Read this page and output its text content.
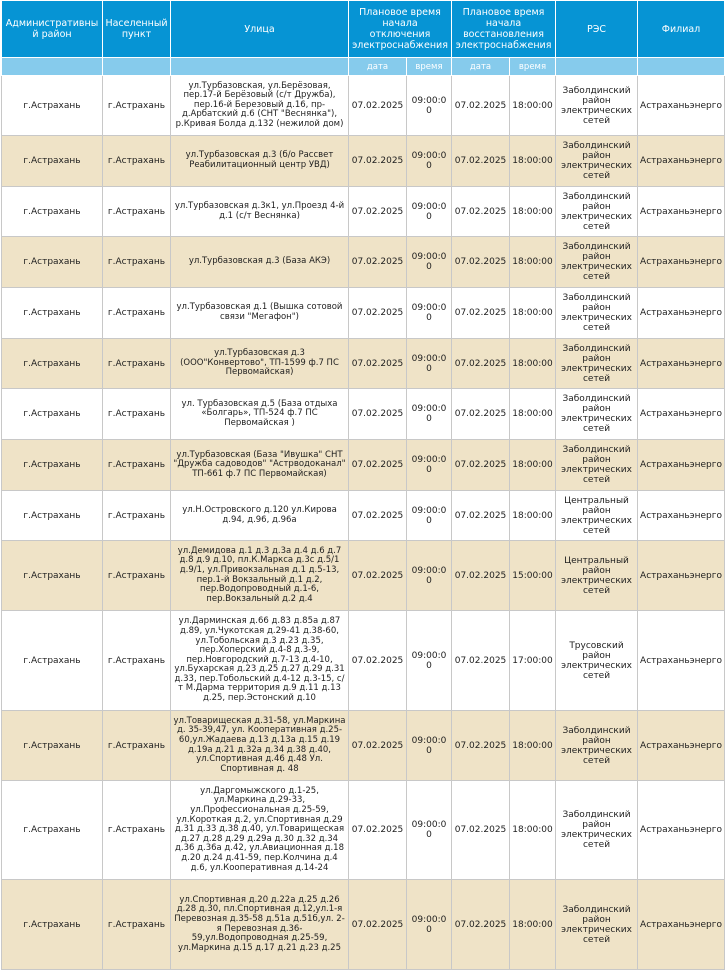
Административный район	Населенный пункт	Улица	Плановое время начала отключения электроснабжения		Плановое время начала восстановления электроснабжения		РЭС	Филиал
			дата	время	дата	время		
г.Астрахань	г.Астрахань	ул.Турбазовская, ул.Берёзовая, пер.17-й Берёзовый (с/т Дружба), пер.16-й Березовый д.16, пр-д.Арбатский д.6 (СНТ "Веснянка"), р.Кривая Болда д.132 (нежилой дом)	07.02.2025	09:00:00	07.02.2025	18:00:00	Заболдинский район электрических сетей	Астраханьэнерго
г.Астрахань	г.Астрахань	ул.Турбазовская д.3 (б/о Рассвет Реабилитационный центр УВД)	07.02.2025	09:00:00	07.02.2025	18:00:00	Заболдинский район электрических сетей	Астраханьэнерго
г.Астрахань	г.Астрахань	ул.Турбазовская д.3к1, ул.Проезд 4-й д.1 (с/т Веснянка)	07.02.2025	09:00:00	07.02.2025	18:00:00	Заболдинский район электрических сетей	Астраханьэнерго
г.Астрахань	г.Астрахань	ул.Турбазовская д.3 (База АКЭ)	07.02.2025	09:00:00	07.02.2025	18:00:00	Заболдинский район электрических сетей	Астраханьэнерго
г.Астрахань	г.Астрахань	ул.Турбазовская д.1 (Вышка сотовой связи "Мегафон")	07.02.2025	09:00:00	07.02.2025	18:00:00	Заболдинский район электрических сетей	Астраханьэнерго
г.Астрахань	г.Астрахань	ул.Турбазовская д.3 (ООО"Конвертово", ТП-1599 ф.7 ПС Первомайская)	07.02.2025	09:00:00	07.02.2025	18:00:00	Заболдинский район электрических сетей	Астраханьэнерго
г.Астрахань	г.Астрахань	ул. Турбазовская д.5 (База отдыха «Болгарь», ТП-524 ф.7 ПС Первомайская )	07.02.2025	09:00:00	07.02.2025	18:00:00	Заболдинский район электрических сетей	Астраханьэнерго
г.Астрахань	г.Астрахань	ул.Турбазовская (База "Ивушка" СНТ "Дружба садоводов" "Астрводоканал" ТП-661 ф.7 ПС Первомайская)	07.02.2025	09:00:00	07.02.2025	18:00:00	Заболдинский район электрических сетей	Астраханьэнерго
г.Астрахань	г.Астрахань	ул.Н.Островского д.120 ул.Кирова д.94, д.96, д.96а	07.02.2025	09:00:00	07.02.2025	18:00:00	Центральный район электрических сетей	Астраханьэнерго
г.Астрахань	г.Астрахань	ул.Демидова д.1 д.3 д.3а д.4 д.6 д.7 д.8 д.9 д.10, пл.К.Маркса д.3с д.5/1 д.9/1, ул.Привокзальная д.1 д.5-13, пер.1-й Вокзальный д.1 д.2, пер.Водопроводный д.1-6, пер.Вокзальный д.2 д.4	07.02.2025	09:00:00	07.02.2025	15:00:00	Центральный район электрических сетей	Астраханьэнерго
г.Астрахань	г.Астрахань	ул.Дарминская д.66 д.83 д.85а д.87 д.89, ул.Чукотская д.29-41 д.38-60, ул.Тобольская д.3 д.23 д.35, пер.Хоперский д.4-8 д.3-9, пер.Новгородский д.7-13 д.4-10, ул.Бухарская д.23 д.25 д.27 д.29 д.31 д.33, пер.Тобольский д.4-12 д.3-15, с/т М.Дарма территория д.9 д.11 д.13 д.25, пер.Эстонский д.10	07.02.2025	09:00:00	07.02.2025	17:00:00	Трусовский район электрических сетей	Астраханьэнерго
г.Астрахань	г.Астрахань	ул.Товарищеская д.31-58, ул.Маркина д. 35-39,47, ул. Кооперативная д.25-60,ул.Жадаева д.13 д.13а д.15 д.19 д.19а д.21 д.32а д.34 д.38 д.40, ул.Спортивная д.46 д.48 Ул. Спортивная д. 48	07.02.2025	09:00:00	07.02.2025	18:00:00	Заболдинский район электрических сетей	Астраханьэнерго
г.Астрахань	г.Астрахань	ул.Даргомыжского д.1-25, ул.Маркина д.29-33, ул.Профессиональная д.25-59, ул.Короткая д.2, ул.Спортивная д.29 д.31 д.33 д.38 д.40, ул.Товарищеская д.27 д.28 д.29 д.29а д.30 д.32 д.34 д.36 д.36а д.42, ул.Авиационная д.18 д.20 д.24 д.41-59, пер.Колчина д.4 д.6, ул.Кооперативная д.14-24	07.02.2025	09:00:00	07.02.2025	18:00:00	Заболдинский район электрических сетей	Астраханьэнерго
г.Астрахань	г.Астрахань	ул.Спортивная д.20 д.22а д.25 д.26 д.28 д.30, пл.Спортивная д.12,ул.1-я Перевозная д.35-58 д.51а д.51б,ул. 2-я Перевозная д.36-59,ул.Водопроводная д.25-59, ул.Маркина д.15 д.17 д.21 д.23 д.25	07.02.2025	09:00:00	07.02.2025	18:00:00	Заболдинский район электрических сетей	Астраханьэнерго
